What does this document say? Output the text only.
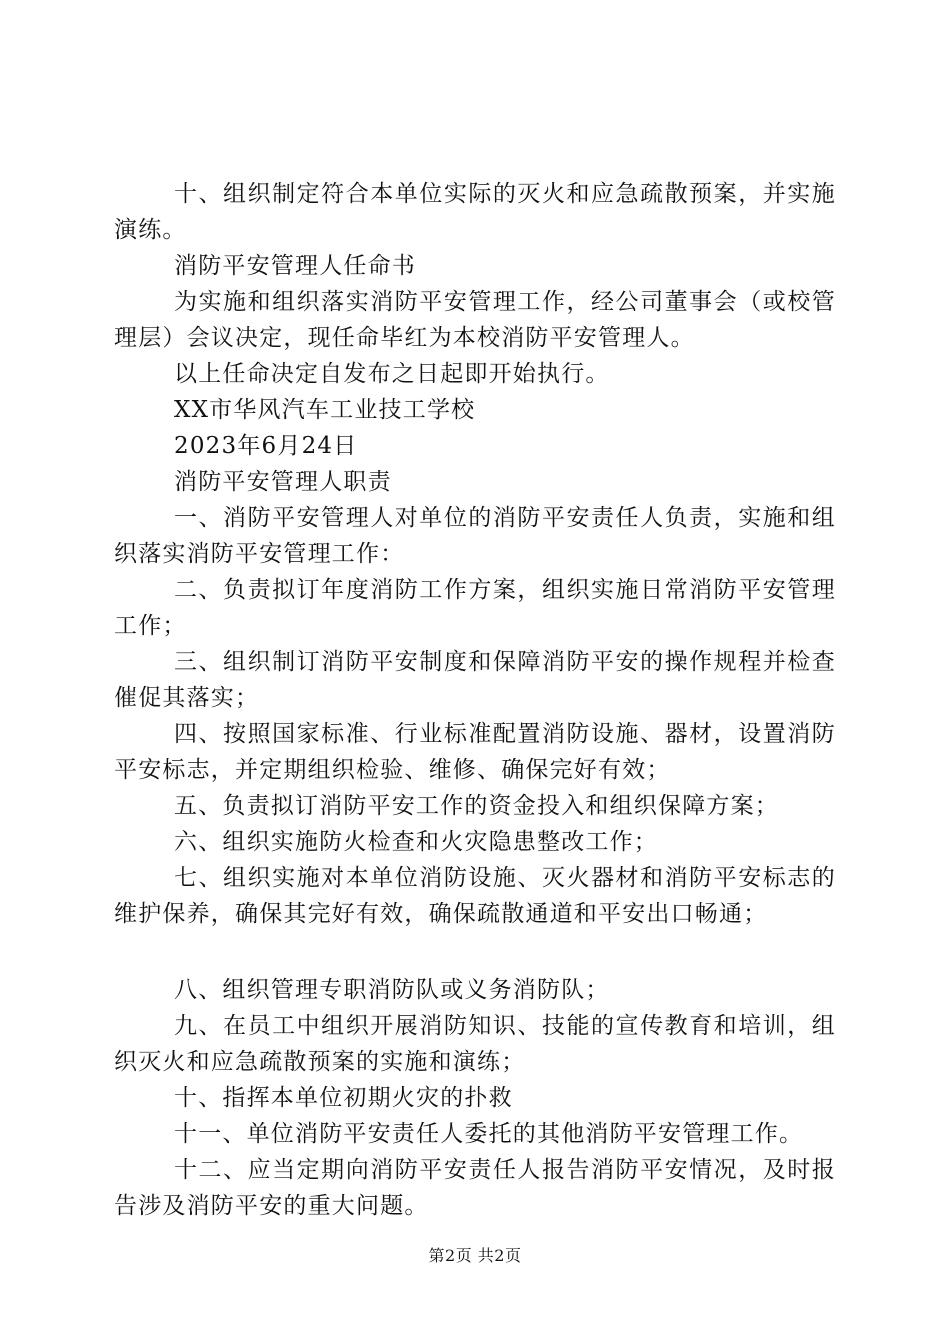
十、组织制定符合本单位实际的灭火和应急疏散预案，并实施演练。

消防平安管理人任命书

为实施和组织落实消防平安管理工作，经公司董事会（或校管理层）会议决定，现任命毕红为本校消防平安管理人。

以上任命决定自发布之日起即开始执行。

XX市华风汽车工业技工学校

2023年6月24日

消防平安管理人职责

一、消防平安管理人对单位的消防平安责任人负责，实施和组织落实消防平安管理工作：

二、负责拟订年度消防工作方案，组织实施日常消防平安管理工作；

三、组织制订消防平安制度和保障消防平安的操作规程并检查催促其落实；

四、按照国家标准、行业标准配置消防设施、器材，设置消防平安标志，并定期组织检验、维修、确保完好有效；

五、负责拟订消防平安工作的资金投入和组织保障方案；

六、组织实施防火检查和火灾隐患整改工作；

七、组织实施对本单位消防设施、灭火器材和消防平安标志的维护保养，确保其完好有效，确保疏散通道和平安出口畅通；

八、组织管理专职消防队或义务消防队；

九、在员工中组织开展消防知识、技能的宣传教育和培训，组织灭火和应急疏散预案的实施和演练；

十、指挥本单位初期火灾的扑救

十一、单位消防平安责任人委托的其他消防平安管理工作。

十二、应当定期向消防平安责任人报告消防平安情况，及时报告涉及消防平安的重大问题。

第2页 共2页
